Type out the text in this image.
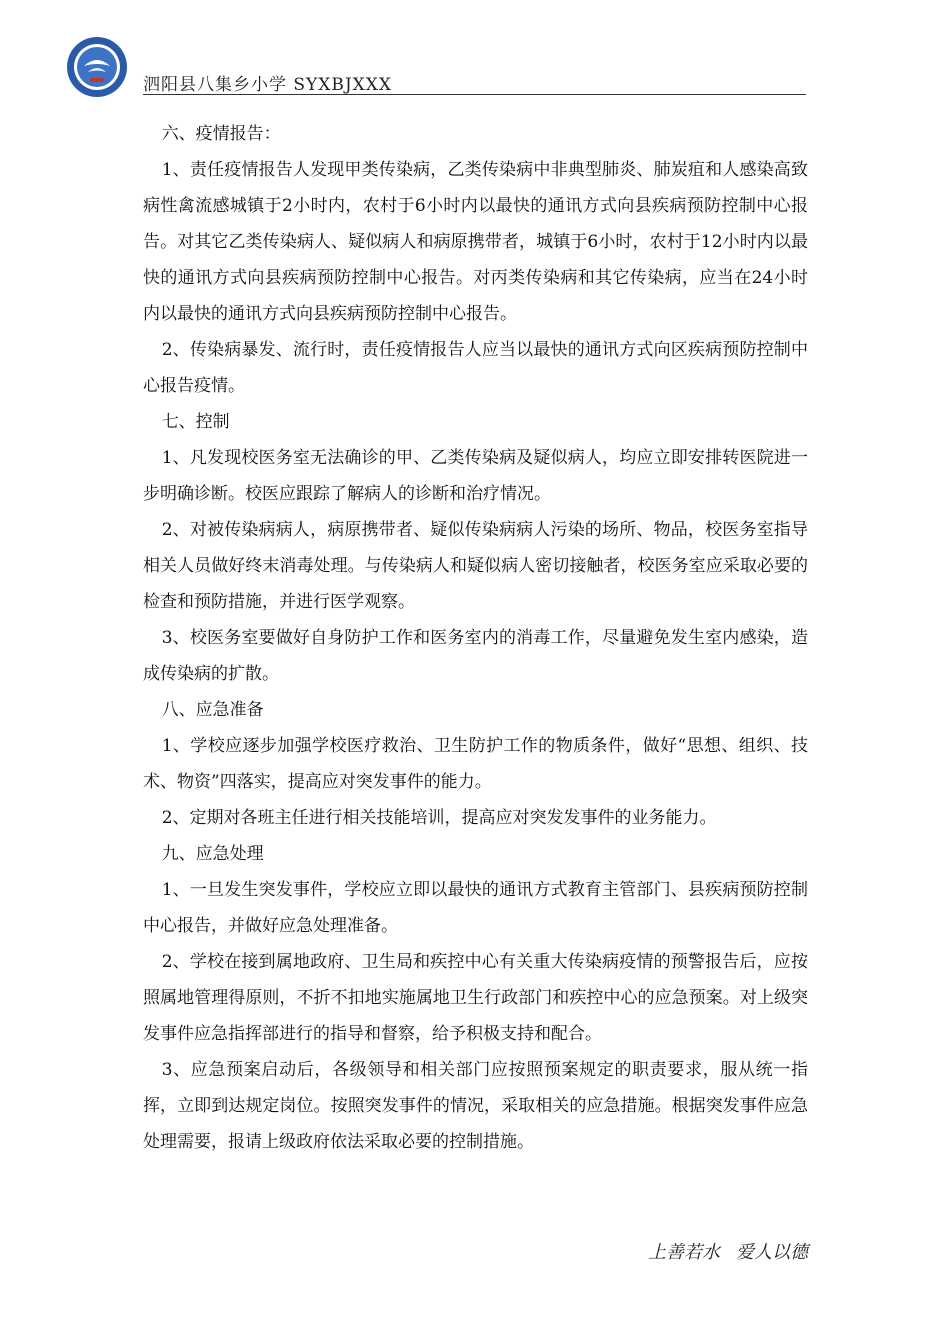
泗阳县八集乡小学 SYXBJXXX

六、疫情报告：

1、责任疫情报告人发现甲类传染病，乙类传染病中非典型肺炎、肺炭疽和人感染高致病性禽流感城镇于2小时内，农村于6小时内以最快的通讯方式向县疾病预防控制中心报告。对其它乙类传染病人、疑似病人和病原携带者，城镇于6小时，农村于12小时内以最快的通讯方式向县疾病预防控制中心报告。对丙类传染病和其它传染病，应当在24小时内以最快的通讯方式向县疾病预防控制中心报告。

2、传染病暴发、流行时，责任疫情报告人应当以最快的通讯方式向区疾病预防控制中心报告疫情。

七、控制

1、凡发现校医务室无法确诊的甲、乙类传染病及疑似病人，均应立即安排转医院进一步明确诊断。校医应跟踪了解病人的诊断和治疗情况。

2、对被传染病病人，病原携带者、疑似传染病病人污染的场所、物品，校医务室指导相关人员做好终末消毒处理。与传染病人和疑似病人密切接触者，校医务室应采取必要的检查和预防措施，并进行医学观察。

3、校医务室要做好自身防护工作和医务室内的消毒工作，尽量避免发生室内感染，造成传染病的扩散。

八、应急准备

1、学校应逐步加强学校医疗救治、卫生防护工作的物质条件，做好“思想、组织、技术、物资”四落实，提高应对突发事件的能力。

2、定期对各班主任进行相关技能培训，提高应对突发发事件的业务能力。

九、应急处理

1、一旦发生突发事件，学校应立即以最快的通讯方式教育主管部门、县疾病预防控制中心报告，并做好应急处理准备。

2、学校在接到属地政府、卫生局和疾控中心有关重大传染病疫情的预警报告后，应按照属地管理得原则，不折不扣地实施属地卫生行政部门和疾控中心的应急预案。对上级突发事件应急指挥部进行的指导和督察，给予积极支持和配合。

3、应急预案启动后，各级领导和相关部门应按照预案规定的职责要求，服从统一指挥，立即到达规定岗位。按照突发事件的情况，采取相关的应急措施。根据突发事件应急处理需要，报请上级政府依法采取必要的控制措施。

上善若水 爱人以德
